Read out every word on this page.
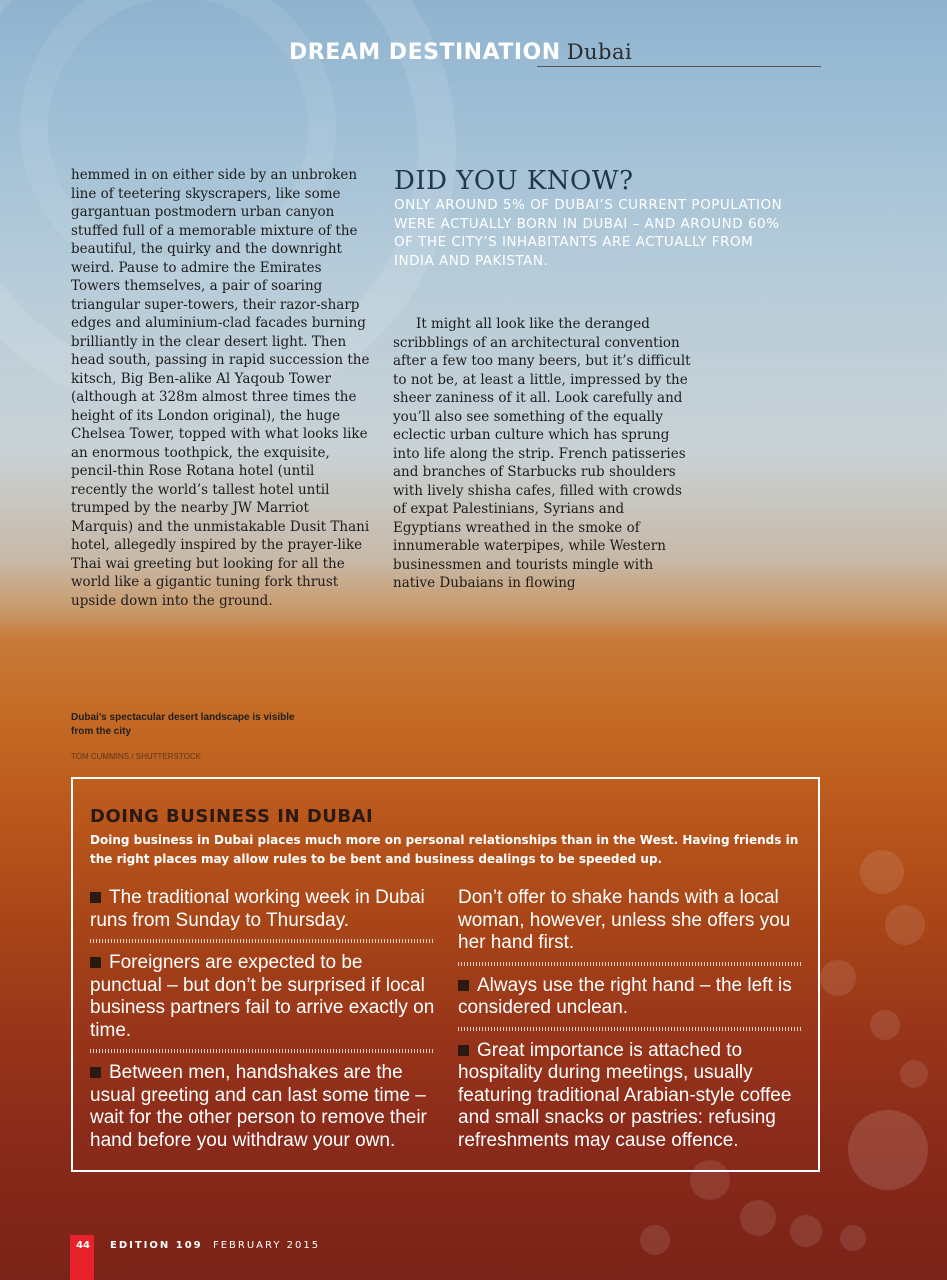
DREAM DESTINATION Dubai
hemmed in on either side by an unbroken line of teetering skyscrapers, like some gargantuan postmodern urban canyon stuffed full of a memorable mixture of the beautiful, the quirky and the downright weird. Pause to admire the Emirates Towers themselves, a pair of soaring triangular super-towers, their razor-sharp edges and aluminium-clad facades burning brilliantly in the clear desert light. Then head south, passing in rapid succession the kitsch, Big Ben-alike Al Yaqoub Tower (although at 328m almost three times the height of its London original), the huge Chelsea Tower, topped with what looks like an enormous toothpick, the exquisite, pencil-thin Rose Rotana hotel (until recently the world’s tallest hotel until trumped by the nearby JW Marriot Marquis) and the unmistakable Dusit Thani hotel, allegedly inspired by the prayer-like Thai wai greeting but looking for all the world like a gigantic tuning fork thrust upside down into the ground.
DID YOU KNOW?
ONLY AROUND 5% OF DUBAI’S CURRENT POPULATION WERE ACTUALLY BORN IN DUBAI – AND AROUND 60% OF THE CITY’S INHABITANTS ARE ACTUALLY FROM INDIA AND PAKISTAN.
It might all look like the deranged scribblings of an architectural convention after a few too many beers, but it’s difficult to not be, at least a little, impressed by the sheer zaniness of it all. Look carefully and you’ll also see something of the equally eclectic urban culture which has sprung into life along the strip. French patisseries and branches of Starbucks rub shoulders with lively shisha cafes, filled with crowds of expat Palestinians, Syrians and Egyptians wreathed in the smoke of innumerable waterpipes, while Western businessmen and tourists mingle with native Dubaians in flowing
Dubai’s spectacular desert landscape is visible from the city
TOM CUMMINS / SHUTTERSTOCK
DOING BUSINESS IN DUBAI
Doing business in Dubai places much more on personal relationships than in the West. Having friends in the right places may allow rules to be bent and business dealings to be speeded up.
The traditional working week in Dubai runs from Sunday to Thursday.
Foreigners are expected to be punctual – but don’t be surprised if local business partners fail to arrive exactly on time.
Between men, handshakes are the usual greeting and can last some time – wait for the other person to remove their hand before you withdraw your own.
Don’t offer to shake hands with a local woman, however, unless she offers you her hand first.
Always use the right hand – the left is considered unclean.
Great importance is attached to hospitality during meetings, usually featuring traditional Arabian-style coffee and small snacks or pastries: refusing refreshments may cause offence.
44 EDITION 109 FEBRUARY 2015
